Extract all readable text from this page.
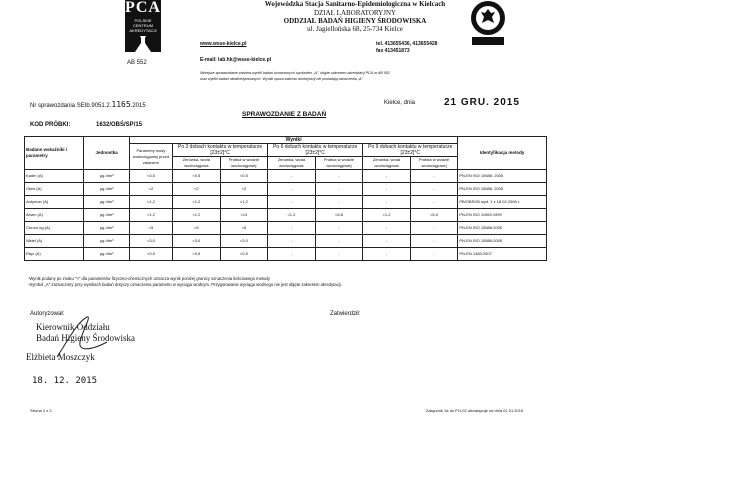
PCA
POLSKIE CENTRUM AKREDYTACJI
BADANIA
AB 552
Wojewódzka Stacja Sanitarno-Epidemiologiczna w Kielcach
DZIAŁ LABORATORYJNY
ODDZIAŁ BADAŃ HIGIENY ŚRODOWISKA
ul. Jagiellońska 68, 25-734 Kielce
www.wsse-kielce.pl	tel. 413655436, 413655428
fax 413451873
E-mail: lab.hk@wsse-kielce.pl
Niniejsze sprawozdanie zawiera wyniki badań oznaczonych symbolem „A", objęte zakresem akredytacji PCA nr AB 552
oraz wyniki badań nieakredytowanych. Wyniki spoza zakresu akredytacji nie posiadają oznaczenia „A".
Nr sprawozdania SEIb.9051.2.1165.2015	Kielce, dnia	21 GRU. 2015
SPRAWOZDANIE Z BADAŃ
KOD PRÓBKI:	1632/OBŚ/SP/15
Badane wskaźniki i parametry	Jednostka	Wyniki							Identyfikacja metody
		Parametry wody wodociągowej przed zalaniem	Po 3 dobach kontaktu w temperaturze [23±2]°C		Po 6 dobach kontaktu w temperaturze [23±2]°C		Po 9 dobach kontaktu w temperaturze [23±2]°C		
			Zerówka- woda wodociągowa	Próbka w wodzie wodociągowej	Zerówka- woda wodociągowa	Próbka w wodzie wodociągowej	Zerówka- woda wodociągowa	Próbka w wodzie wodociągowej	
Kadm (A)	µg /dm³	<0,5	<0,5	<0,5	-	-	-	-	PN-EN ISO 15586: 2005
Ołów (A)	µg /dm³	<2	<2	<2	-	-	-	-	PN-EN ISO 15586: 2005
Antymon (A)	µg /dm³	<1,2	<1,2	<1,2	-	-	-	-	PB/OBŚ/05 wyd. 1 z 18.02.2008 r.
Arsen (A)	µg /dm³	<1,2	<1,2	<13	<1,2	<5,8	<1,2	<5,0	PN-EN ISO 11969:1999
Chrom og.(A)	µg /dm³	<5	<5	<5	-	-	-	-	PN-EN ISO 15586:2005
Nikiel (A)	µg /dm³	<3,0	<3,0	<3,0	-	-	-	-	PN-EN ISO 15586:2005
Rtęć (A)	µg /dm³	<0,5	<0,5	<0,5	-	-	-	-	PN-EN 1483:2007
-Wynik podany po znaku "<" dla parametrów fizyczno-chemicznych oznacza wynik poniżej granicy oznaczenia ilościowego metody
-Symbol „A" zaznaczony przy wynikach badań dotyczy oznaczenia parametru w wyciągu wodnym. Przygotowanie wyciągu wodnego nie jest objęte zakresem akredytacji.
Autoryzował:	Zatwierdził:
Kierownik Oddziału
Badań Higieny Środowiska
Elżbieta Moszczyk
18. 12. 2015
Strona 2 z 2	Załącznik 1a do PO-02 obowiązuje od dnia 01.01.2015
